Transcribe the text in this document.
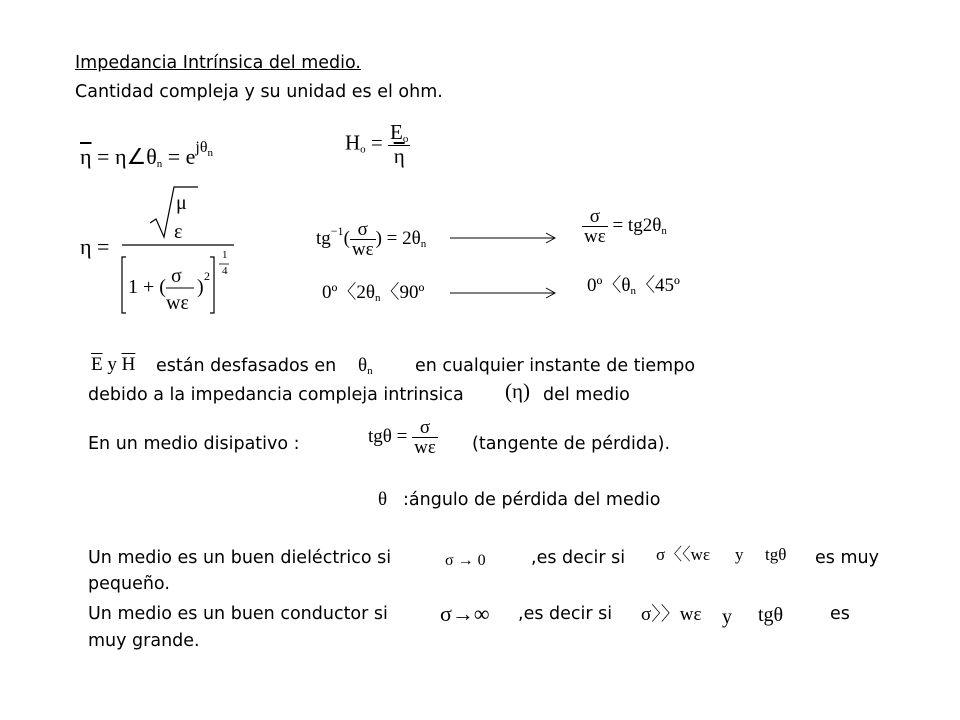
Impedancia Intrínsica del medio.
Cantidad compleja y su unidad es el ohm.
$\overline{\eta}$ = $\eta\angle\theta_n = e^{j\theta n}$	$H_o = \frac{E_o}{\eta}$
η =
μ
ε
1 + ( σ
wε
) 2
1
4
$tg^{-1}( \frac{\sigma}{w\varepsilon}$ ) = $2\theta_n$	$\frac{\sigma}{w\varepsilon} = tg2\theta_n$
0º〈$2\theta_n$〈90º	0º〈$\theta_n$〈45º
$\overline{E}$ y $\overline{H}$ están desfasados en $\theta_n$ en cualquier instante de tiempo
debido a la impedancia compleja intrinsica (η) del medio
En un medio disipativo :	$tg\theta = \frac{\sigma}{w\varepsilon}$ (tangente de pérdida).
θ :ángulo de pérdida del medio
Un medio es un buen dieléctrico si	σ → 0	,es decir si σ〈〈wε y tgθ es muy
pequeño.
Un medio es un buen conductor si σ→∞ ,es decir si σ〉〉wε y tgθ	es
muy grande.
